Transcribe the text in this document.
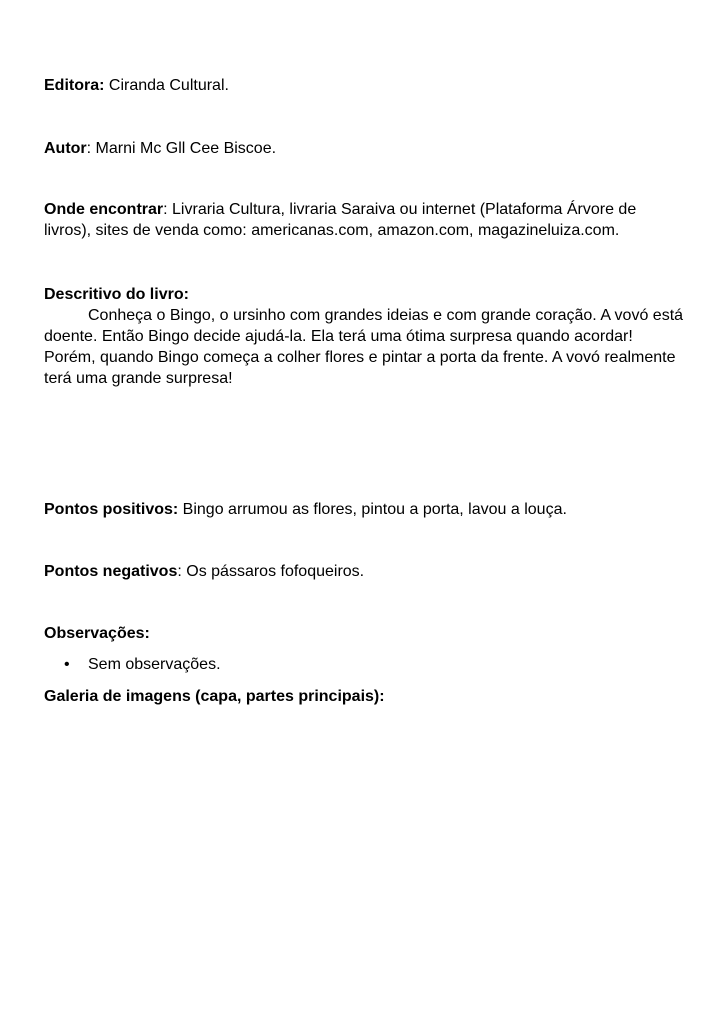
Editora: Ciranda Cultural.

Autor: Marni Mc Gll Cee Biscoe.

Onde encontrar: Livraria Cultura, livraria Saraiva ou internet (Plataforma Árvore de livros), sites de venda como: americanas.com, amazon.com, magazineluiza.com.

Descritivo do livro:

Conheça o Bingo, o ursinho com grandes ideias e com grande coração. A vovó está doente. Então Bingo decide ajudá-la. Ela terá uma ótima surpresa quando acordar! Porém, quando Bingo começa a colher flores e pintar a porta da frente. A vovó realmente terá uma grande surpresa!

Pontos positivos: Bingo arrumou as flores, pintou a porta, lavou a louça.

Pontos negativos: Os pássaros fofoqueiros.

Observações:

•	Sem observações.

Galeria de imagens (capa, partes principais):
